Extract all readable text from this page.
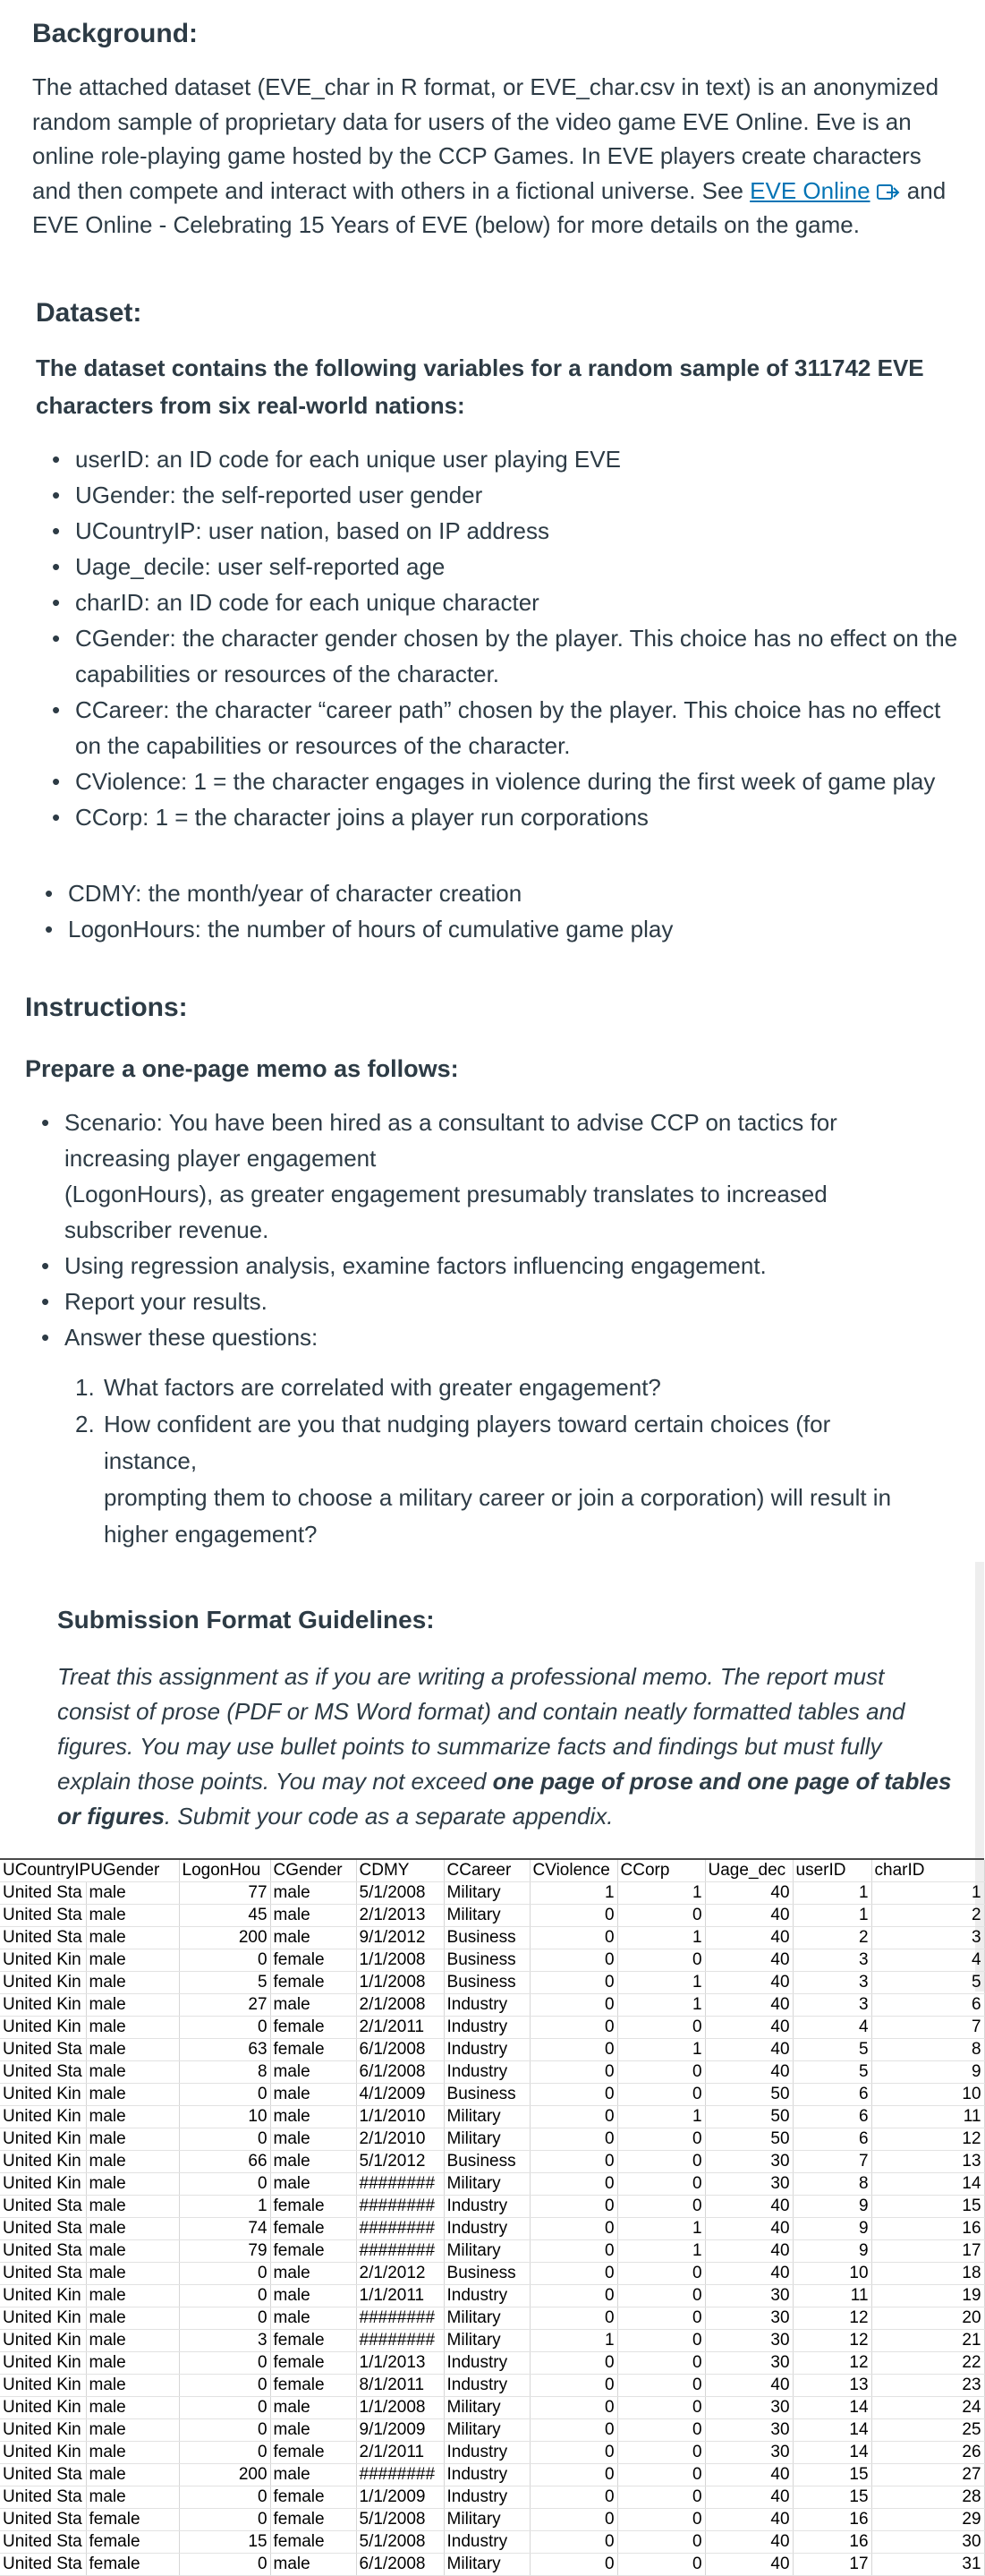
Background:

The attached dataset (EVE_char in R format, or EVE_char.csv in text) is an anonymized random sample of proprietary data for users of the video game EVE Online. Eve is an online role-playing game hosted by the CCP Games. In EVE players create characters and then compete and interact with others in a fictional universe. See EVE Online and EVE Online - Celebrating 15 Years of EVE (below) for more details on the game.

Dataset:

The dataset contains the following variables for a random sample of 311742 EVE characters from six real-world nations:

• userID: an ID code for each unique user playing EVE
• UGender: the self-reported user gender
• UCountryIP: user nation, based on IP address
• Uage_decile: user self-reported age
• charID: an ID code for each unique character
• CGender: the character gender chosen by the player. This choice has no effect on the capabilities or resources of the character.
• CCareer: the character “career path” chosen by the player. This choice has no effect on the capabilities or resources of the character.
• CViolence: 1 = the character engages in violence during the first week of game play
• CCorp: 1 = the character joins a player run corporations
• CDMY: the month/year of character creation
• LogonHours: the number of hours of cumulative game play
Instructions:
Prepare a one-page memo as follows:
• Scenario: You have been hired as a consultant to advise CCP on tactics for
increasing player engagement
(LogonHours), as greater engagement presumably translates to increased
subscriber revenue.
• Using regression analysis, examine factors influencing engagement.
• Report your results.
• Answer these questions:
1. What factors are correlated with greater engagement?
2. How confident are you that nudging players toward certain choices (for
instance,
prompting them to choose a military career or join a corporation) will result in
higher engagement?
Submission Format Guidelines:

Treat this assignment as if you are writing a professional memo. The report must consist of prose (PDF or MS Word format) and contain neatly formatted tables and figures. You may use bullet points to summarize facts and findings but must fully explain those points. You may not exceed one page of prose and one page of tables or figures. Submit your code as a separate appendix.

UCountryIPUGender		LogonHou	CGender	CDMY	CCareer	CViolence	CCorp	Uage_dec	userID	charID
United Sta	male	77	male	5/1/2008	Military	1	1	40	1	1
United Sta	male	45	male	2/1/2013	Military	0	0	40	1	2
United Sta	male	200	male	9/1/2012	Business	0	1	40	2	3
United Kin	male	0	female	1/1/2008	Business	0	0	40	3	4
United Kin	male	5	female	1/1/2008	Business	0	1	40	3	5
United Kin	male	27	male	2/1/2008	Industry	0	1	40	3	6
United Kin	male	0	female	2/1/2011	Industry	0	0	40	4	7
United Sta	male	63	female	6/1/2008	Industry	0	1	40	5	8
United Sta	male	8	male	6/1/2008	Industry	0	0	40	5	9
United Kin	male	0	male	4/1/2009	Business	0	0	50	6	10
United Kin	male	10	male	1/1/2010	Military	0	1	50	6	11
United Kin	male	0	male	2/1/2010	Military	0	0	50	6	12
United Kin	male	66	male	5/1/2012	Business	0	0	30	7	13
United Kin	male	0	male	########	Military	0	0	30	8	14
United Sta	male	1	female	########	Industry	0	0	40	9	15
United Sta	male	74	female	########	Industry	0	1	40	9	16
United Sta	male	79	female	########	Military	0	1	40	9	17
United Sta	male	0	male	2/1/2012	Business	0	0	40	10	18
United Kin	male	0	male	1/1/2011	Industry	0	0	30	11	19
United Kin	male	0	male	########	Military	0	0	30	12	20
United Kin	male	3	female	########	Military	1	0	30	12	21
United Kin	male	0	female	1/1/2013	Industry	0	0	30	12	22
United Kin	male	0	female	8/1/2011	Industry	0	0	40	13	23
United Kin	male	0	male	1/1/2008	Military	0	0	30	14	24
United Kin	male	0	male	9/1/2009	Military	0	0	30	14	25
United Kin	male	0	female	2/1/2011	Industry	0	0	30	14	26
United Sta	male	200	male	########	Industry	0	0	40	15	27
United Sta	male	0	female	1/1/2009	Industry	0	0	40	15	28
United Sta	female	0	female	5/1/2008	Military	0	0	40	16	29
United Sta	female	15	female	5/1/2008	Industry	0	0	40	16	30
United Sta	female	0	male	6/1/2008	Military	0	0	40	17	31
